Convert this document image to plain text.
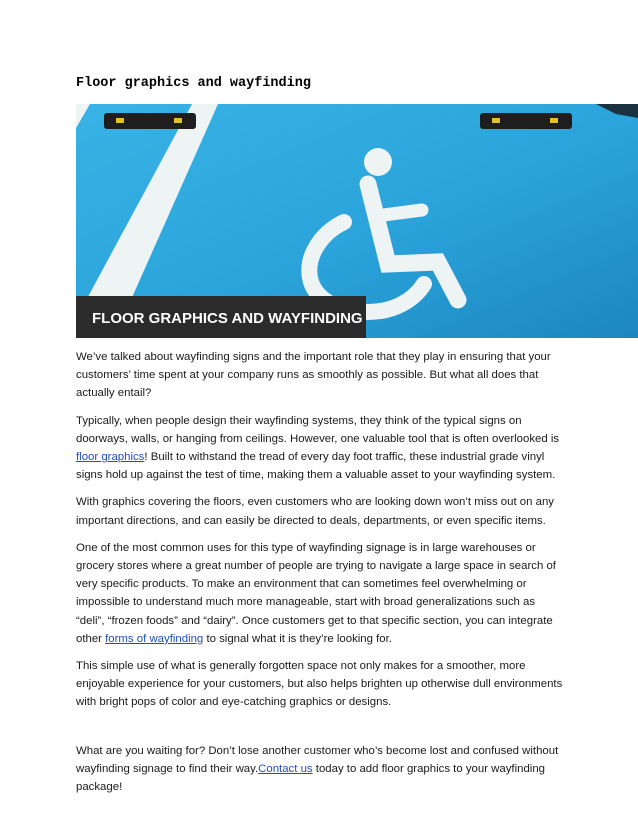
Floor graphics and wayfinding
FLOOR GRAPHICS AND WAYFINDING

We’ve talked about wayfinding signs and the important role that they play in ensuring that your customers’ time spent at your company runs as smoothly as possible. But what all does that actually entail?

Typically, when people design their wayfinding systems, they think of the typical signs on doorways, walls, or hanging from ceilings. However, one valuable tool that is often overlooked is floor graphics! Built to withstand the tread of every day foot traffic, these industrial grade vinyl signs hold up against the test of time, making them a valuable asset to your wayfinding system.

With graphics covering the floors, even customers who are looking down won’t miss out on any important directions, and can easily be directed to deals, departments, or even specific items.

One of the most common uses for this type of wayfinding signage is in large warehouses or grocery stores where a great number of people are trying to navigate a large space in search of very specific products. To make an environment that can sometimes feel overwhelming or impossible to understand much more manageable, start with broad generalizations such as “deli”, “frozen foods” and “dairy”. Once customers get to that specific section, you can integrate other forms of wayfinding to signal what it is they’re looking for.

This simple use of what is generally forgotten space not only makes for a smoother, more enjoyable experience for your customers, but also helps brighten up otherwise dull environments with bright pops of color and eye-catching graphics or designs.

What are you waiting for? Don’t lose another customer who’s become lost and confused without wayfinding signage to find their way.Contact us today to add floor graphics to your wayfinding package!
